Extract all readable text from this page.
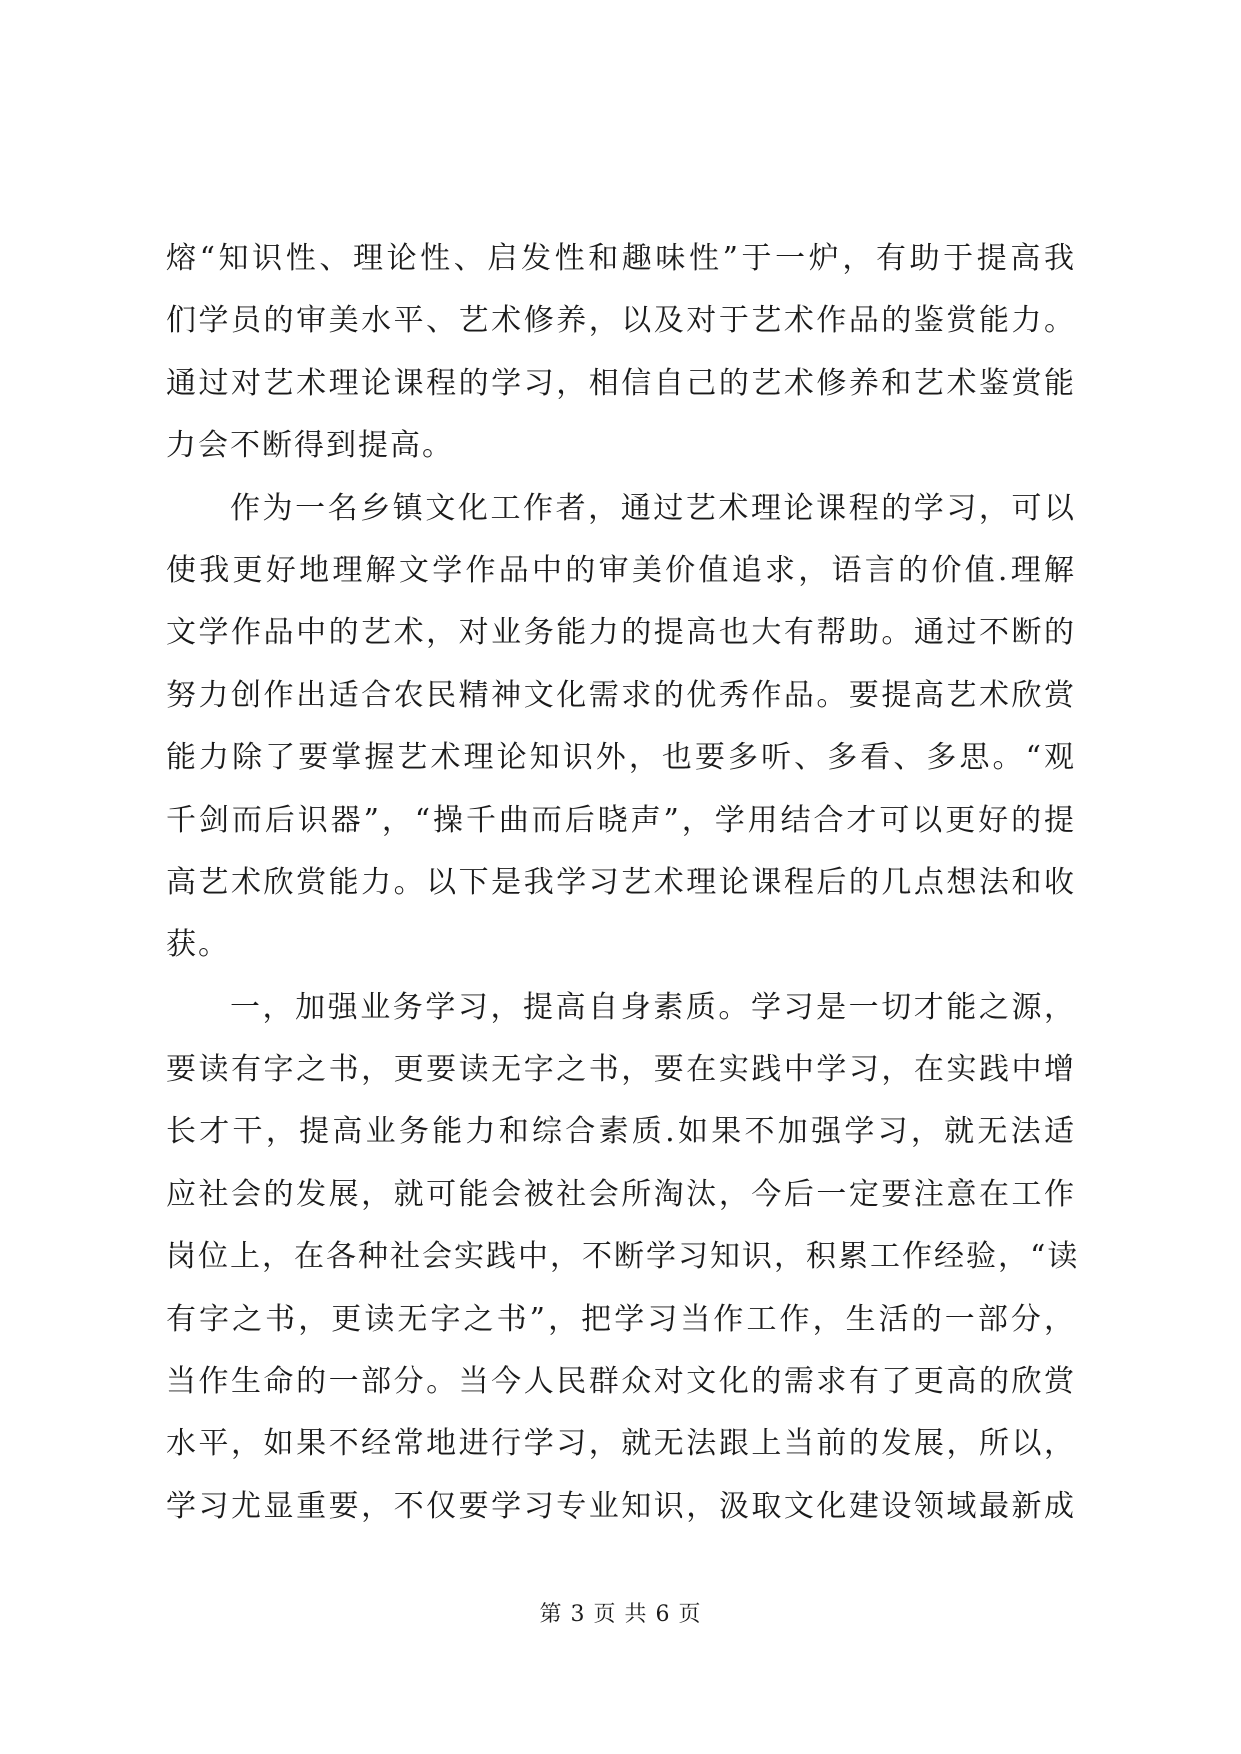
熔“知识性、理论性、启发性和趣味性”于一炉，有助于提高我
们学员的审美水平、艺术修养，以及对于艺术作品的鉴赏能力。
通过对艺术理论课程的学习，相信自己的艺术修养和艺术鉴赏能
力会不断得到提高。
作为一名乡镇文化工作者，通过艺术理论课程的学习，可以
使我更好地理解文学作品中的审美价值追求，语言的价值.理解
文学作品中的艺术，对业务能力的提高也大有帮助。通过不断的
努力创作出适合农民精神文化需求的优秀作品。要提高艺术欣赏
能力除了要掌握艺术理论知识外，也要多听、多看、多思。“观
千剑而后识器”，“操千曲而后晓声”，学用结合才可以更好的提
高艺术欣赏能力。以下是我学习艺术理论课程后的几点想法和收
获。
一，加强业务学习，提高自身素质。学习是一切才能之源，
要读有字之书，更要读无字之书，要在实践中学习，在实践中增
长才干，提高业务能力和综合素质.如果不加强学习，就无法适
应社会的发展，就可能会被社会所淘汰，今后一定要注意在工作
岗位上，在各种社会实践中，不断学习知识，积累工作经验，“读
有字之书，更读无字之书”，把学习当作工作，生活的一部分，
当作生命的一部分。当今人民群众对文化的需求有了更高的欣赏
水平，如果不经常地进行学习，就无法跟上当前的发展，所以，
学习尤显重要，不仅要学习专业知识，汲取文化建设领域最新成
第 3 页 共 6 页
